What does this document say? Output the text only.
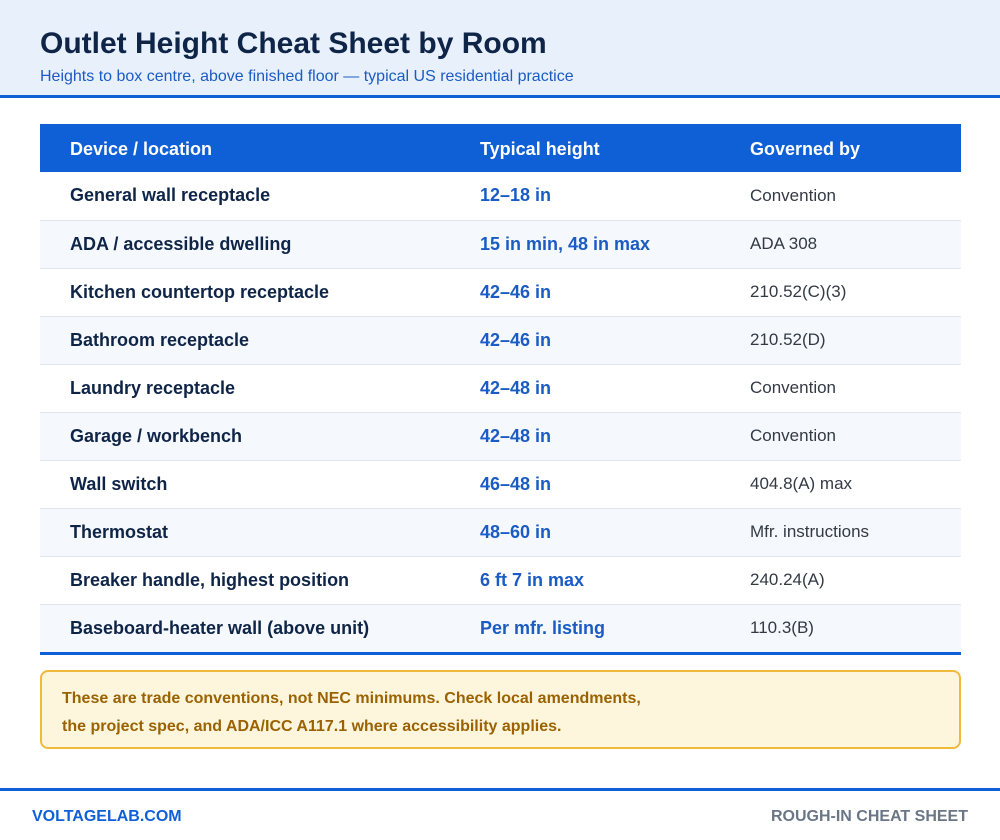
Outlet Height Cheat Sheet by Room
Heights to box centre, above finished floor — typical US residential practice
Device / location	Typical height	Governed by
General wall receptacle	12–18 in	Convention
ADA / accessible dwelling	15 in min, 48 in max	ADA 308
Kitchen countertop receptacle	42–46 in	210.52(C)(3)
Bathroom receptacle	42–46 in	210.52(D)
Laundry receptacle	42–48 in	Convention
Garage / workbench	42–48 in	Convention
Wall switch	46–48 in	404.8(A) max
Thermostat	48–60 in	Mfr. instructions
Breaker handle, highest position	6 ft 7 in max	240.24(A)
Baseboard-heater wall (above unit)	Per mfr. listing	110.3(B)

These are trade conventions, not NEC minimums. Check local amendments,

the project spec, and ADA/ICC A117.1 where accessibility applies.

VOLTAGELAB.COM	ROUGH-IN CHEAT SHEET
